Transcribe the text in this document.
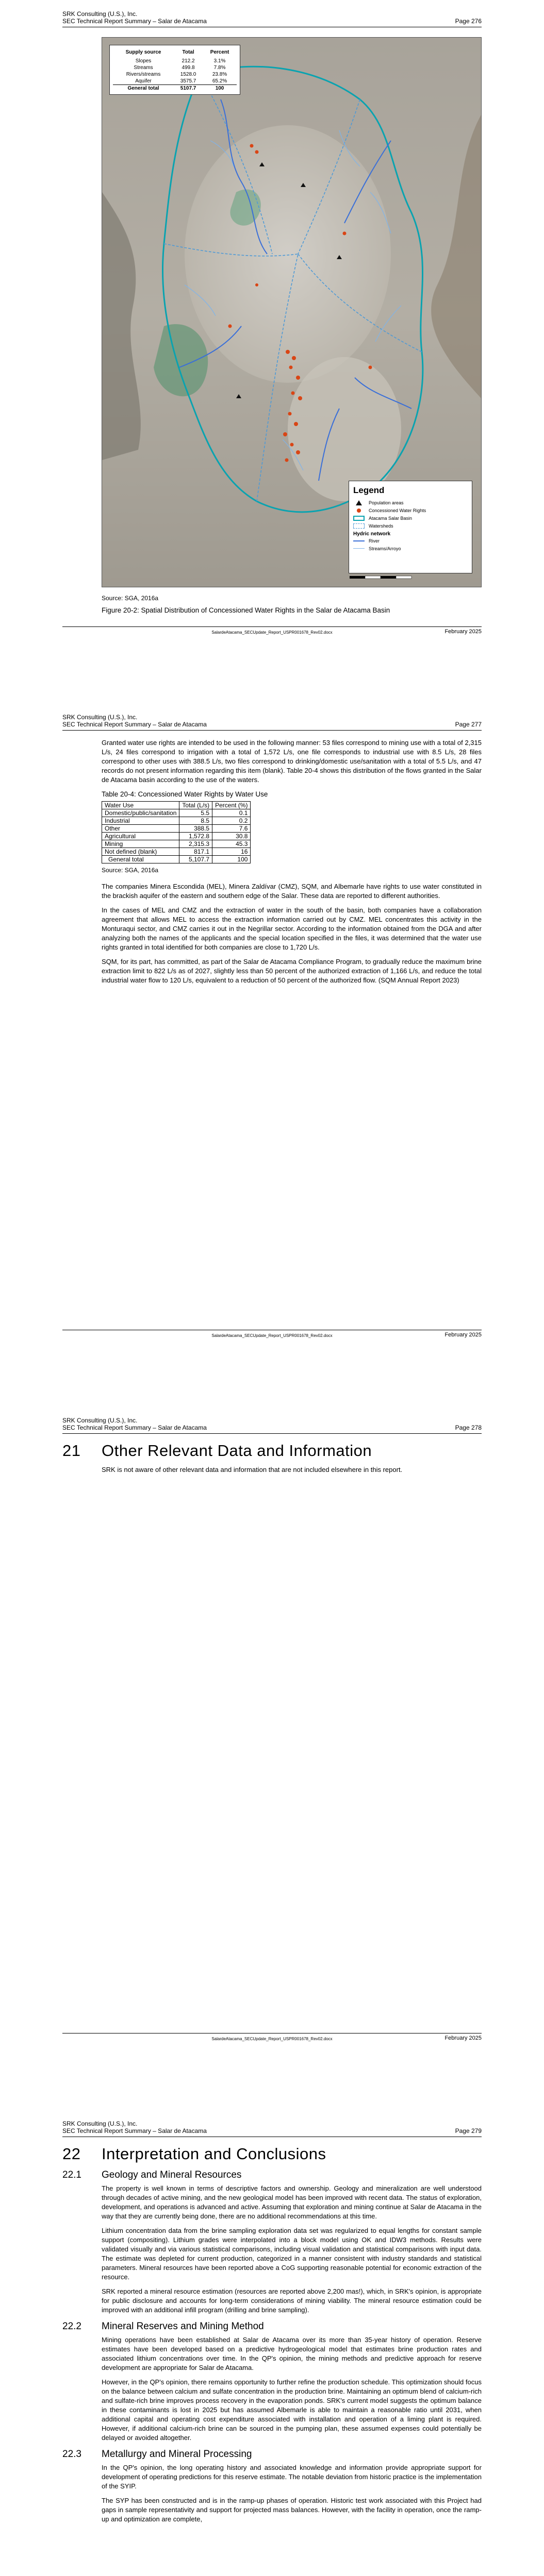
SRK Consulting (U.S.), Inc.
SEC Technical Report Summary – Salar de Atacama	Page 276
Supply source	Total	Percent
Slopes	212.2	3.1%
Streams	499.8	7.8%
Rivers/streams	1528.0	23.8%
Aquifer	3575.7	65.2%
General total	5107.7	100
Legend
Population areas
Concessioned Water Rights
Atacama Salar Basin
Watersheds
Hydric network
River
Streams/Arroyo
Source: SGA, 2016a
Figure 20-2: Spatial Distribution of Concessioned Water Rights in the Salar de Atacama Basin
SalardeAtacama_SECUpdate_Report_USPR001678_Rev02.docx	February 2025
SRK Consulting (U.S.), Inc.
SEC Technical Report Summary – Salar de Atacama	Page 277

Granted water use rights are intended to be used in the following manner: 53 files correspond to mining use with a total of 2,315 L/s, 24 files correspond to irrigation with a total of 1,572 L/s, one file corresponds to industrial use with 8.5 L/s, 28 files correspond to other uses with 388.5 L/s, two files correspond to drinking/domestic use/sanitation with a total of 5.5 L/s, and 47 records do not present information regarding this item (blank). Table 20-4 shows this distribution of the flows granted in the Salar de Atacama basin according to the use of the waters.

Table 20-4: Concessioned Water Rights by Water Use
Water Use	Total (L/s)	Percent (%)
Domestic/public/sanitation	5.5	0.1
Industrial	8.5	0.2
Other	388.5	7.6
Agricultural	1,572.8	30.8
Mining	2,315.3	45.3
Not defined (blank)	817.1	16
General total	5,107.7	100
Source: SGA, 2016a

The companies Minera Escondida (MEL), Minera Zaldívar (CMZ), SQM, and Albemarle have rights to use water constituted in the brackish aquifer of the eastern and southern edge of the Salar. These data are reported to different authorities.

In the cases of MEL and CMZ and the extraction of water in the south of the basin, both companies have a collaboration agreement that allows MEL to access the extraction information carried out by CMZ. MEL concentrates this activity in the Monturaqui sector, and CMZ carries it out in the Negrillar sector. According to the information obtained from the DGA and after analyzing both the names of the applicants and the special location specified in the files, it was determined that the water use rights granted in total identified for both companies are close to 1,720 L/s.

SQM, for its part, has committed, as part of the Salar de Atacama Compliance Program, to gradually reduce the maximum brine extraction limit to 822 L/s as of 2027, slightly less than 50 percent of the authorized extraction of 1,166 L/s, and reduce the total industrial water flow to 120 L/s, equivalent to a reduction of 50 percent of the authorized flow. (SQM Annual Report 2023)

SalardeAtacama_SECUpdate_Report_USPR001678_Rev02.docx	February 2025
SRK Consulting (U.S.), Inc.
SEC Technical Report Summary – Salar de Atacama	Page 278
21 Other Relevant Data and Information

SRK is not aware of other relevant data and information that are not included elsewhere in this report.

SalardeAtacama_SECUpdate_Report_USPR001678_Rev02.docx	February 2025
SRK Consulting (U.S.), Inc.
SEC Technical Report Summary – Salar de Atacama	Page 279
22 Interpretation and Conclusions
22.1 Geology and Mineral Resources

The property is well known in terms of descriptive factors and ownership. Geology and mineralization are well understood through decades of active mining, and the new geological model has been improved with recent data. The status of exploration, development, and operations is advanced and active. Assuming that exploration and mining continue at Salar de Atacama in the way that they are currently being done, there are no additional recommendations at this time.

Lithium concentration data from the brine sampling exploration data set was regularized to equal lengths for constant sample support (compositing). Lithium grades were interpolated into a block model using OK and IDW3 methods. Results were validated visually and via various statistical comparisons, including visual validation and statistical comparisons with input data. The estimate was depleted for current production, categorized in a manner consistent with industry standards and statistical parameters. Mineral resources have been reported above a CoG supporting reasonable potential for economic extraction of the resource.

SRK reported a mineral resource estimation (resources are reported above 2,200 mas!), which, in SRK's opinion, is appropriate for public disclosure and accounts for long-term considerations of mining viability. The mineral resource estimation could be improved with an additional infill program (drilling and brine sampling).

22.2 Mineral Reserves and Mining Method

Mining operations have been established at Salar de Atacama over its more than 35-year history of operation. Reserve estimates have been developed based on a predictive hydrogeological model that estimates brine production rates and associated lithium concentrations over time. In the QP's opinion, the mining methods and predictive approach for reserve development are appropriate for Salar de Atacama.

However, in the QP's opinion, there remains opportunity to further refine the production schedule. This optimization should focus on the balance between calcium and sulfate concentration in the production brine. Maintaining an optimum blend of calcium-rich and sulfate-rich brine improves process recovery in the evaporation ponds. SRK's current model suggests the optimum balance in these contaminants is lost in 2025 but has assumed Albemarle is able to maintain a reasonable ratio until 2031, when additional capital and operating cost expenditure associated with installation and operation of a liming plant is required. However, if additional calcium-rich brine can be sourced in the pumping plan, these assumed expenses could potentially be delayed or avoided altogether.

22.3 Metallurgy and Mineral Processing

In the QP's opinion, the long operating history and associated knowledge and information provide appropriate support for development of operating predictions for this reserve estimate. The notable deviation from historic practice is the implementation of the SYIP.

The SYP has been constructed and is in the ramp-up phases of operation. Historic test work associated with this Project had gaps in sample representativity and support for projected mass balances. However, with the facility in operation, once the ramp-up and optimization are complete,
